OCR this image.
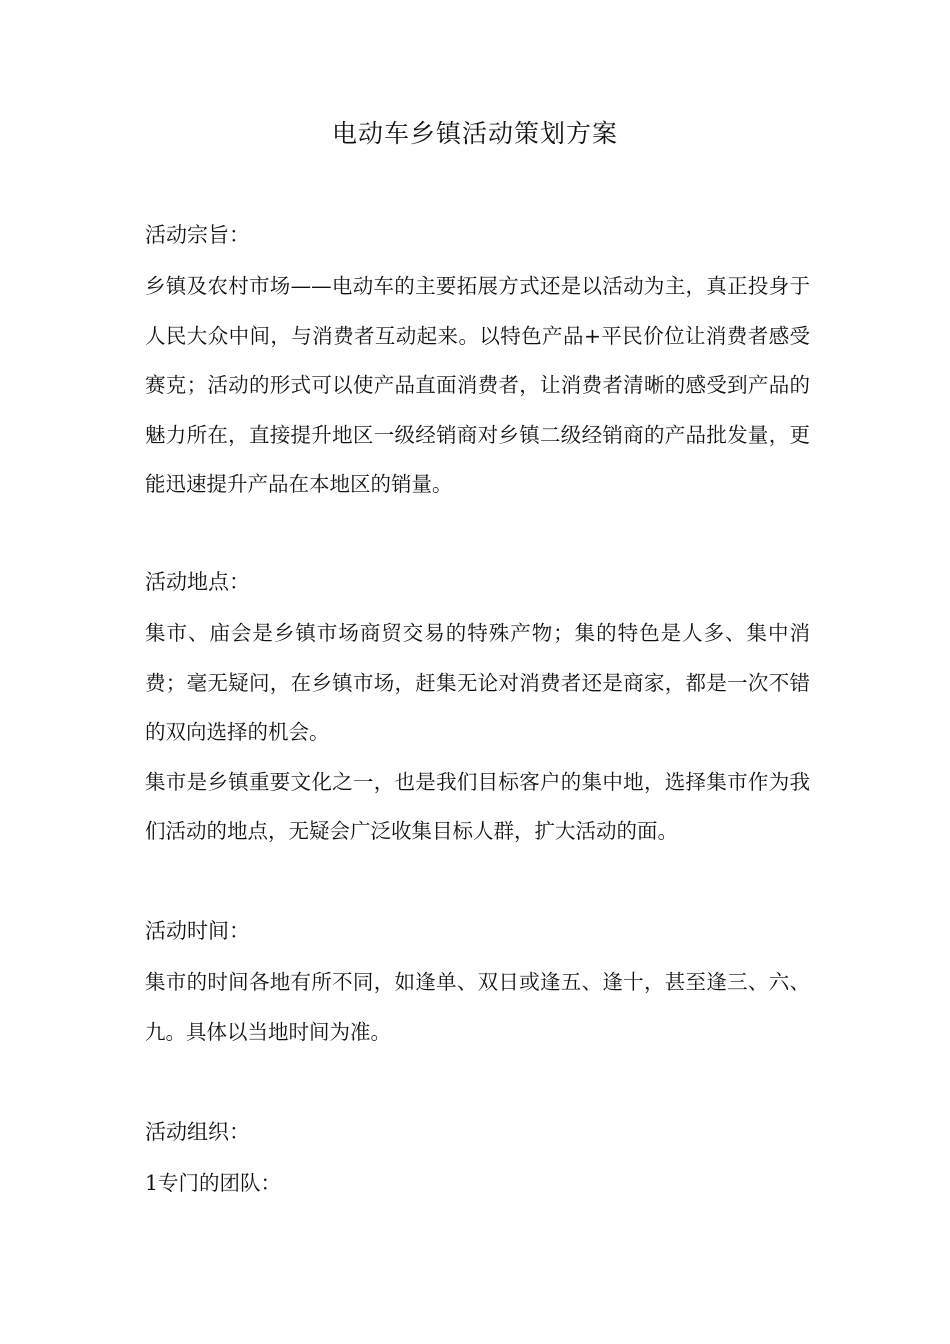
电动车乡镇活动策划方案
活动宗旨：

乡镇及农村市场——电动车的主要拓展方式还是以活动为主，真正投身于人民大众中间，与消费者互动起来。以特色产品+平民价位让消费者感受赛克；活动的形式可以使产品直面消费者，让消费者清晰的感受到产品的魅力所在，直接提升地区一级经销商对乡镇二级经销商的产品批发量，更能迅速提升产品在本地区的销量。

活动地点：

集市、庙会是乡镇市场商贸交易的特殊产物；集的特色是人多、集中消费；毫无疑问，在乡镇市场，赶集无论对消费者还是商家，都是一次不错的双向选择的机会。

集市是乡镇重要文化之一，也是我们目标客户的集中地，选择集市作为我们活动的地点，无疑会广泛收集目标人群，扩大活动的面。

活动时间：

集市的时间各地有所不同，如逢单、双日或逢五、逢十，甚至逢三、六、九。具体以当地时间为准。

活动组织：

1专门的团队：
